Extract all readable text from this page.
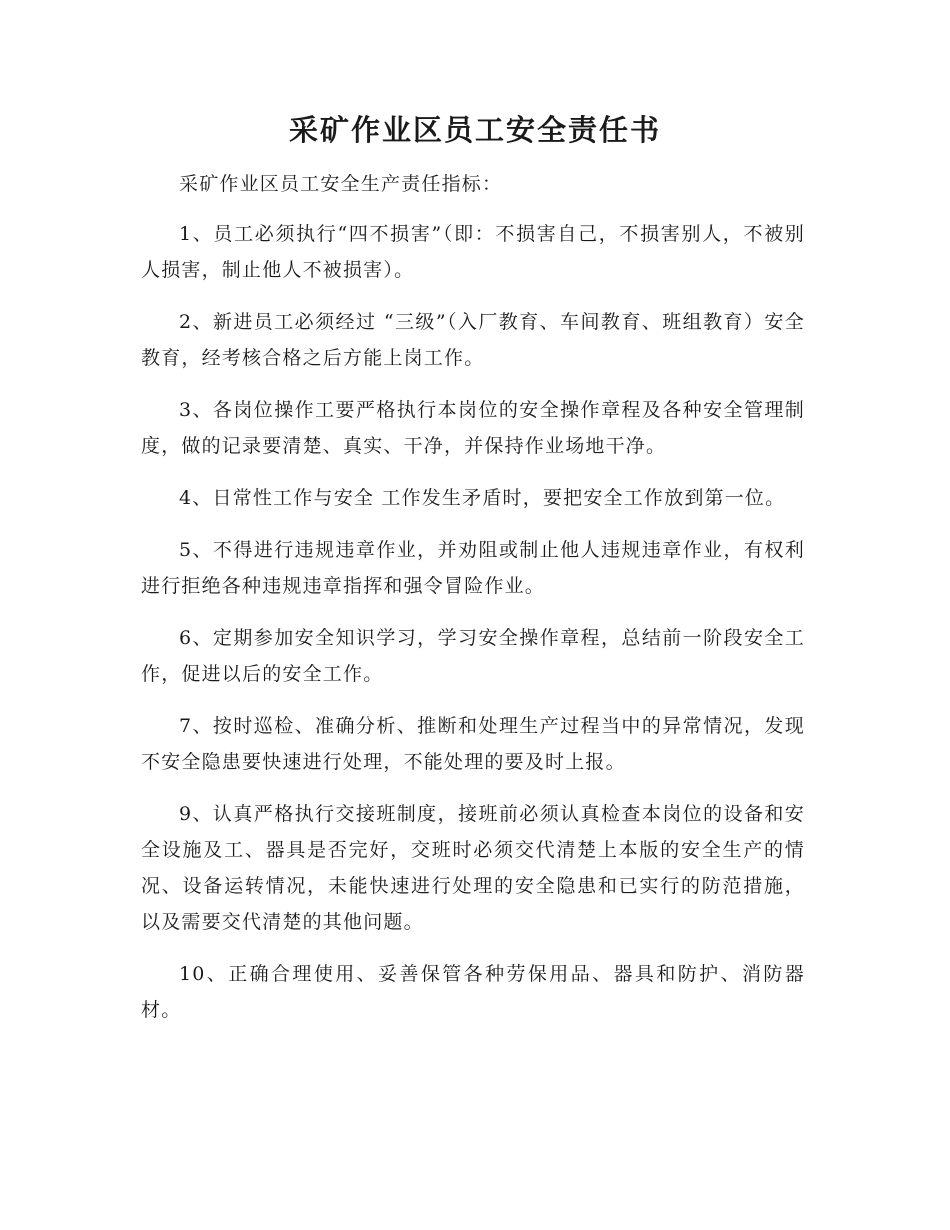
采矿作业区员工安全责任书

采矿作业区员工安全生产责任指标：

1、员工必须执行“四不损害”（即：不损害自己，不损害别人，不被别人损害，制止他人不被损害）。

2、新进员工必须经过 “三级”（入厂教育、车间教育、班组教育）安全教育，经考核合格之后方能上岗工作。

3、各岗位操作工要严格执行本岗位的安全操作章程及各种安全管理制度，做的记录要清楚、真实、干净，并保持作业场地干净。

4、日常性工作与安全 工作发生矛盾时，要把安全工作放到第一位。

5、不得进行违规违章作业，并劝阻或制止他人违规违章作业，有权利进行拒绝各种违规违章指挥和强令冒险作业。

6、定期参加安全知识学习，学习安全操作章程，总结前一阶段安全工作，促进以后的安全工作。

7、按时巡检、准确分析、推断和处理生产过程当中的异常情况，发现不安全隐患要快速进行处理，不能处理的要及时上报。

9、认真严格执行交接班制度，接班前必须认真检查本岗位的设备和安全设施及工、器具是否完好，交班时必须交代清楚上本版的安全生产的情况、设备运转情况，未能快速进行处理的安全隐患和已实行的防范措施，以及需要交代清楚的其他问题。

10、正确合理使用、妥善保管各种劳保用品、器具和防护、消防器材。
